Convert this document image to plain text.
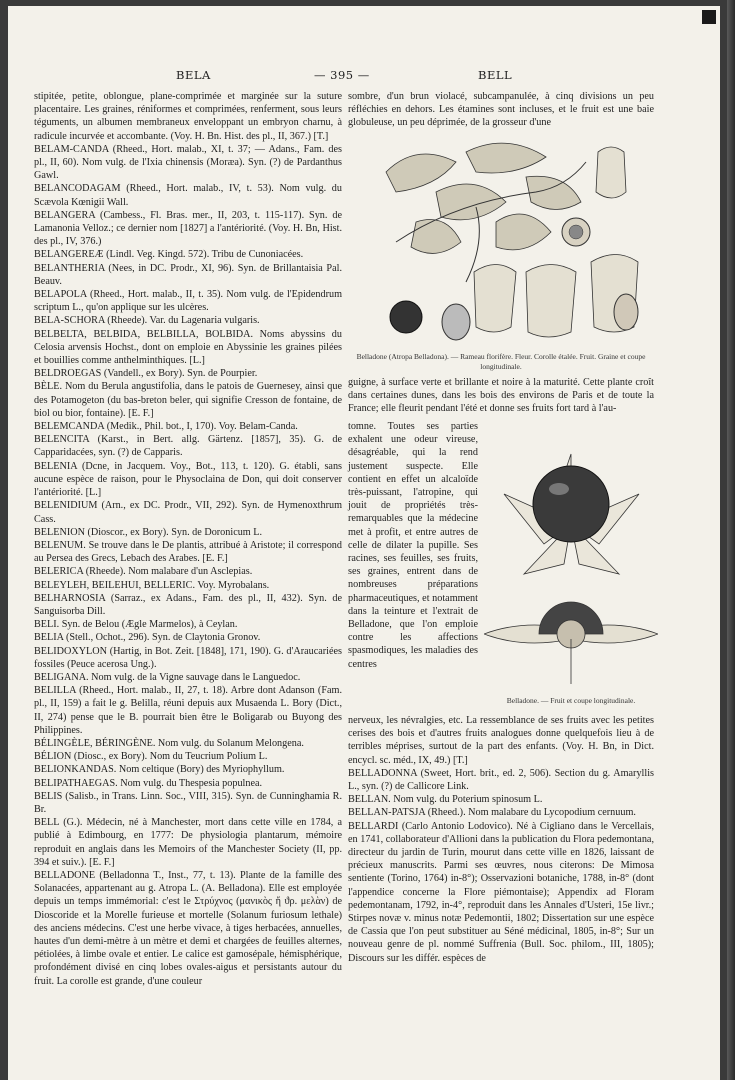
BELA	— 395 —	BELL

stipitée, petite, oblongue, plane-comprimée et marginée sur la suture placentaire. Les graines, réniformes et comprimées, renferment, sous leurs téguments, un albumen membraneux enveloppant un embryon charnu, à radicule incurvée et accombante. (Voy. H. Bn. Hist. des pl., II, 367.) [T.]

BELAM-CANDA (Rheed., Hort. malab., XI, t. 37; — Adans., Fam. des pl., II, 60). Nom vulg. de l'Ixia chinensis (Moræa). Syn. (?) de Pardanthus Gawl.

BELANCODAGAM (Rheed., Hort. malab., IV, t. 53). Nom vulg. du Scævola Kœnigii Wall.

BELANGERA (Cambess., Fl. Bras. mer., II, 203, t. 115-117). Syn. de Lamanonia Velloz.; ce dernier nom [1827] a l'antériorité. (Voy. H. Bn, Hist. des pl., IV, 376.)

BELANGEREÆ (Lindl. Veg. Kingd. 572). Tribu de Cunoniacées.

BELANTHERIA (Nees, in DC. Prodr., XI, 96). Syn. de Brillantaisia Pal. Beauv.

BELAPOLA (Rheed., Hort. malab., II, t. 35). Nom vulg. de l'Epidendrum scriptum L., qu'on applique sur les ulcères.

BELA-SCHORA (Rheede). Var. du Lagenaria vulgaris.

BELBELTA, BELBIDA, BELBILLA, BOLBIDA. Noms abyssins du Celosia arvensis Hochst., dont on emploie en Abyssinie les graines pilées et bouillies comme anthelminthiques. [L.]

BELDROEGAS (Vandell., ex Bory). Syn. de Pourpier.

BÈLE. Nom du Berula angustifolia, dans le patois de Guernesey, ainsi que des Potamogeton (du bas-breton beler, qui signifie Cresson de fontaine, de biol ou bior, fontaine). [E. F.]

BELEMCANDA (Medik., Phil. bot., I, 170). Voy. Belam-Canda.

BELENCITA (Karst., in Bert. allg. Gärtenz. [1857], 35). G. de Capparidacées, syn. (?) de Capparis.

BELENIA (Dcne, in Jacquem. Voy., Bot., 113, t. 120). G. établi, sans aucune espèce de raison, pour le Physoclaina de Don, qui doit conserver l'antériorité. [L.]

BELENIDIUM (Arn., ex DC. Prodr., VII, 292). Syn. de Hymenoxthrum Cass.

BELENION (Dioscor., ex Bory). Syn. de Doronicum L.

BELENUM. Se trouve dans le De plantis, attribué à Aristote; il correspond au Persea des Grecs, Lebach des Arabes. [E. F.]

BELERICA (Rheede). Nom malabare d'un Asclepias.

BELEYLEH, BEILEHUI, BELLERIC. Voy. Myrobalans.

BELHARNOSIA (Sarraz., ex Adans., Fam. des pl., II, 432). Syn. de Sanguisorba Dill.

BELI. Syn. de Belou (Ægle Marmelos), à Ceylan.

BELIA (Stell., Ochot., 296). Syn. de Claytonia Gronov.

BELIDOXYLON (Hartig, in Bot. Zeit. [1848], 171, 190). G. d'Araucariées fossiles (Peuce acerosa Ung.).

BELIGANA. Nom vulg. de la Vigne sauvage dans le Languedoc.

BELILLA (Rheed., Hort. malab., II, 27, t. 18). Arbre dont Adanson (Fam. pl., II, 159) a fait le g. Belilla, réuni depuis aux Musaenda L. Bory (Dict., II, 274) pense que le B. pourrait bien être le Boligarab ou Buyong des Philippines.

BÉLINGÈLE, BÉRINGÈNE. Nom vulg. du Solanum Melongena.

BÉLION (Diosc., ex Bory). Nom du Teucrium Polium L.

BELIONKANDAS. Nom celtique (Bory) des Myriophyllum.

BELIPATHAEGAS. Nom vulg. du Thespesia populnea.

BELIS (Salisb., in Trans. Linn. Soc., VIII, 315). Syn. de Cunninghamia R. Br.

BELL (G.). Médecin, né à Manchester, mort dans cette ville en 1784, a publié à Edimbourg, en 1777: De physiologia plantarum, mémoire reproduit en anglais dans les Memoirs of the Manchester Society (II, pp. 394 et suiv.). [E. F.]

BELLADONE (Belladonna T., Inst., 77, t. 13). Plante de la famille des Solanacées, appartenant au g. Atropa L. (A. Belladona). Elle est employée depuis un temps immémorial: c'est le Στρύχνος (μανικὸς ἤ ϑρ. μελὰν) de Dioscoride et la Morelle furieuse et mortelle (Solanum furiosum lethale) des anciens médecins. C'est une herbe vivace, à tiges herbacées, annuelles, hautes d'un demi-mètre à un mètre et demi et chargées de feuilles alternes, pétiolées, à limbe ovale et entier. Le calice est gamosépale, hémisphérique, profondément divisé en cinq lobes ovales-aigus et persistants autour du fruit. La corolle est grande, d'une couleur

sombre, d'un brun violacé, subcampanulée, à cinq divisions un peu réfléchies en dehors. Les étamines sont incluses, et le fruit est une baie globuleuse, un peu déprimée, de la grosseur d'une

Belladone (Atropa Belladona). — Rameau florifère. Fleur. Corolle étalée. Fruit. Graine et coupe longitudinale.

guigne, à surface verte et brillante et noire à la maturité. Cette plante croît dans certaines dunes, dans les bois des environs de Paris et de toute la France; elle fleurit pendant l'été et donne ses fruits fort tard à l'au-

tomne. Toutes ses parties exhalent une odeur vireuse, désagréable, qui la rend justement suspecte. Elle contient en effet un alcaloïde très-puissant, l'atropine, qui jouit de propriétés très-remarquables que la médecine met à profit, et entre autres de celle de dilater la pupille. Ses racines, ses feuilles, ses fruits, ses graines, entrent dans de nombreuses préparations pharmaceutiques, et notamment dans la teinture et l'extrait de Belladone, que l'on emploie contre les affections spasmodiques, les maladies des centres
Belladone. — Fruit et coupe longitudinale.

nerveux, les névralgies, etc. La ressemblance de ses fruits avec les petites cerises des bois et d'autres fruits analogues donne quelquefois lieu à de terribles méprises, surtout de la part des enfants. (Voy. H. Bn, in Dict. encycl. sc. méd., IX, 49.) [T.]

BELLADONNA (Sweet, Hort. brit., ed. 2, 506). Section du g. Amaryllis L., syn. (?) de Callicore Link.

BELLAN. Nom vulg. du Poterium spinosum L.

BELLAN-PATSJA (Rheed.). Nom malabare du Lycopodium cernuum.

BELLARDI (Carlo Antonio Lodovico). Né à Cigliano dans le Vercellais, en 1741, collaborateur d'Allioni dans la publication du Flora pedemontana, directeur du jardin de Turin, mourut dans cette ville en 1826, laissant de précieux manuscrits. Parmi ses œuvres, nous citerons: De Mimosa sentiente (Torino, 1764) in-8°); Osservazioni botaniche, 1788, in-8° (dont l'appendice concerne la Flore piémontaise); Appendix ad Floram pedemontanam, 1792, in-4°, reproduit dans les Annales d'Usteri, 15e livr.; Stirpes novæ v. minus notæ Pedemontii, 1802; Dissertation sur une espèce de Cassia que l'on peut substituer au Séné médicinal, 1805, in-8°; Sur un nouveau genre de pl. nommé Suffrenia (Bull. Soc. philom., III, 1805); Discours sur les différ. espèces de
